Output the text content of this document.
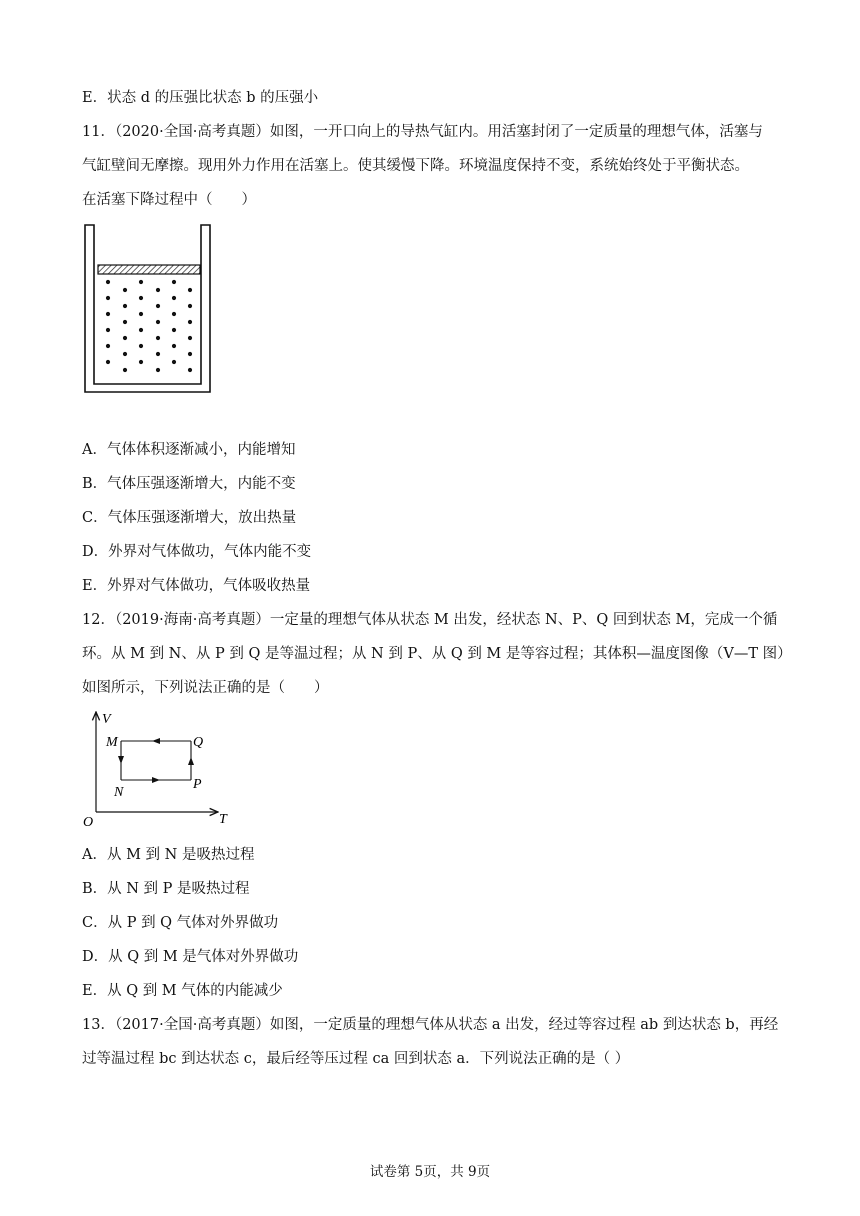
E．状态 d 的压强比状态 b 的压强小
11．（2020·全国·高考真题）如图，一开口向上的导热气缸内。用活塞封闭了一定质量的理想气体，活塞与
气缸壁间无摩擦。现用外力作用在活塞上。使其缓慢下降。环境温度保持不变，系统始终处于平衡状态。
在活塞下降过程中（　　）
A．气体体积逐渐减小，内能增知
B．气体压强逐渐增大，内能不变
C．气体压强逐渐增大，放出热量
D．外界对气体做功，气体内能不变
E．外界对气体做功，气体吸收热量
12．（2019·海南·高考真题）一定量的理想气体从状态 M 出发，经状态 N、P、Q 回到状态 M，完成一个循
环。从 M 到 N、从 P 到 Q 是等温过程；从 N 到 P、从 Q 到 M 是等容过程；其体积—温度图像（V—T 图）
如图所示，下列说法正确的是（　　）
V
T
O
M	Q
N
P
A．从 M 到 N 是吸热过程
B．从 N 到 P 是吸热过程
C．从 P 到 Q 气体对外界做功
D．从 Q 到 M 是气体对外界做功
E．从 Q 到 M 气体的内能减少
13．（2017·全国·高考真题）如图，一定质量的理想气体从状态 a 出发，经过等容过程 ab 到达状态 b，再经
过等温过程 bc 到达状态 c，最后经等压过程 ca 回到状态 a．下列说法正确的是（ ）
试卷第 5页，共 9页
